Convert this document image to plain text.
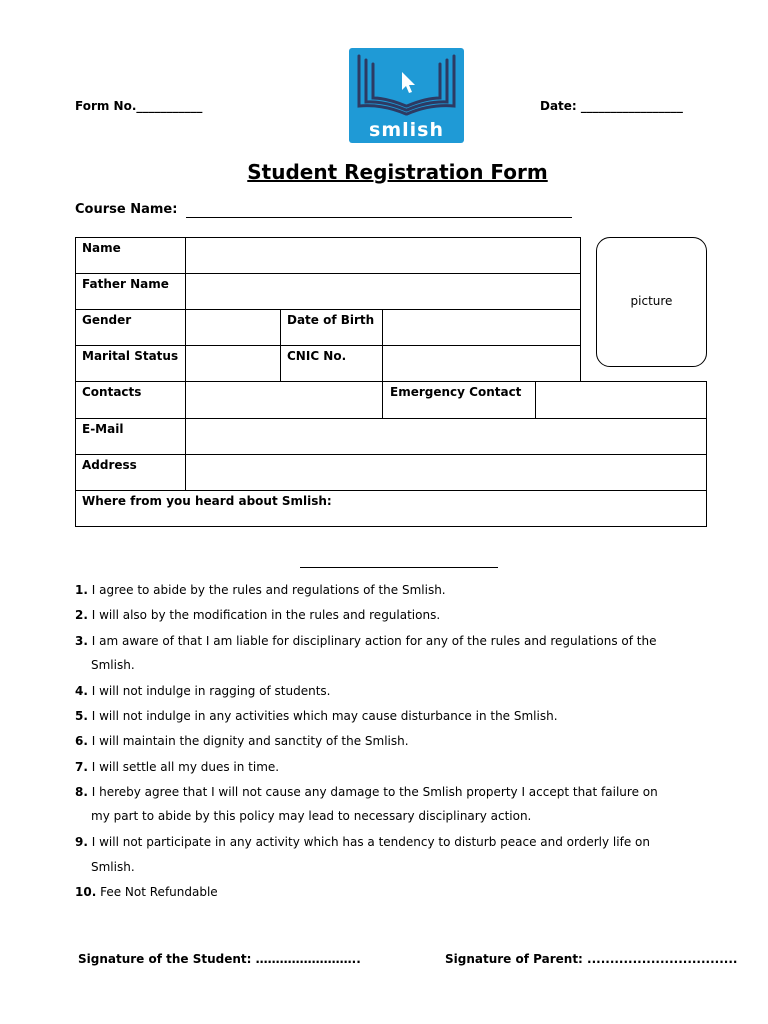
Form No.___________	Date: _________________
smlish
Student Registration Form
Course Name:
Name
Father Name
Gender	Date of Birth
Marital Status	CNIC No.
Contacts	Emergency Contact
E-Mail
Address
Where from you heard about Smlish:
picture
1. I agree to abide by the rules and regulations of the Smlish.
2. I will also by the modification in the rules and regulations.
3. I am aware of that I am liable for disciplinary action for any of the rules and regulations of the
Smlish.
4. I will not indulge in ragging of students.
5. I will not indulge in any activities which may cause disturbance in the Smlish.
6. I will maintain the dignity and sanctity of the Smlish.
7. I will settle all my dues in time.
8. I hereby agree that I will not cause any damage to the Smlish property I accept that failure on
my part to abide by this policy may lead to necessary disciplinary action.
9. I will not participate in any activity which has a tendency to disturb peace and orderly life on
Smlish.
10. Fee Not Refundable
Signature of the Student: ……………………..	Signature of Parent: .................................
